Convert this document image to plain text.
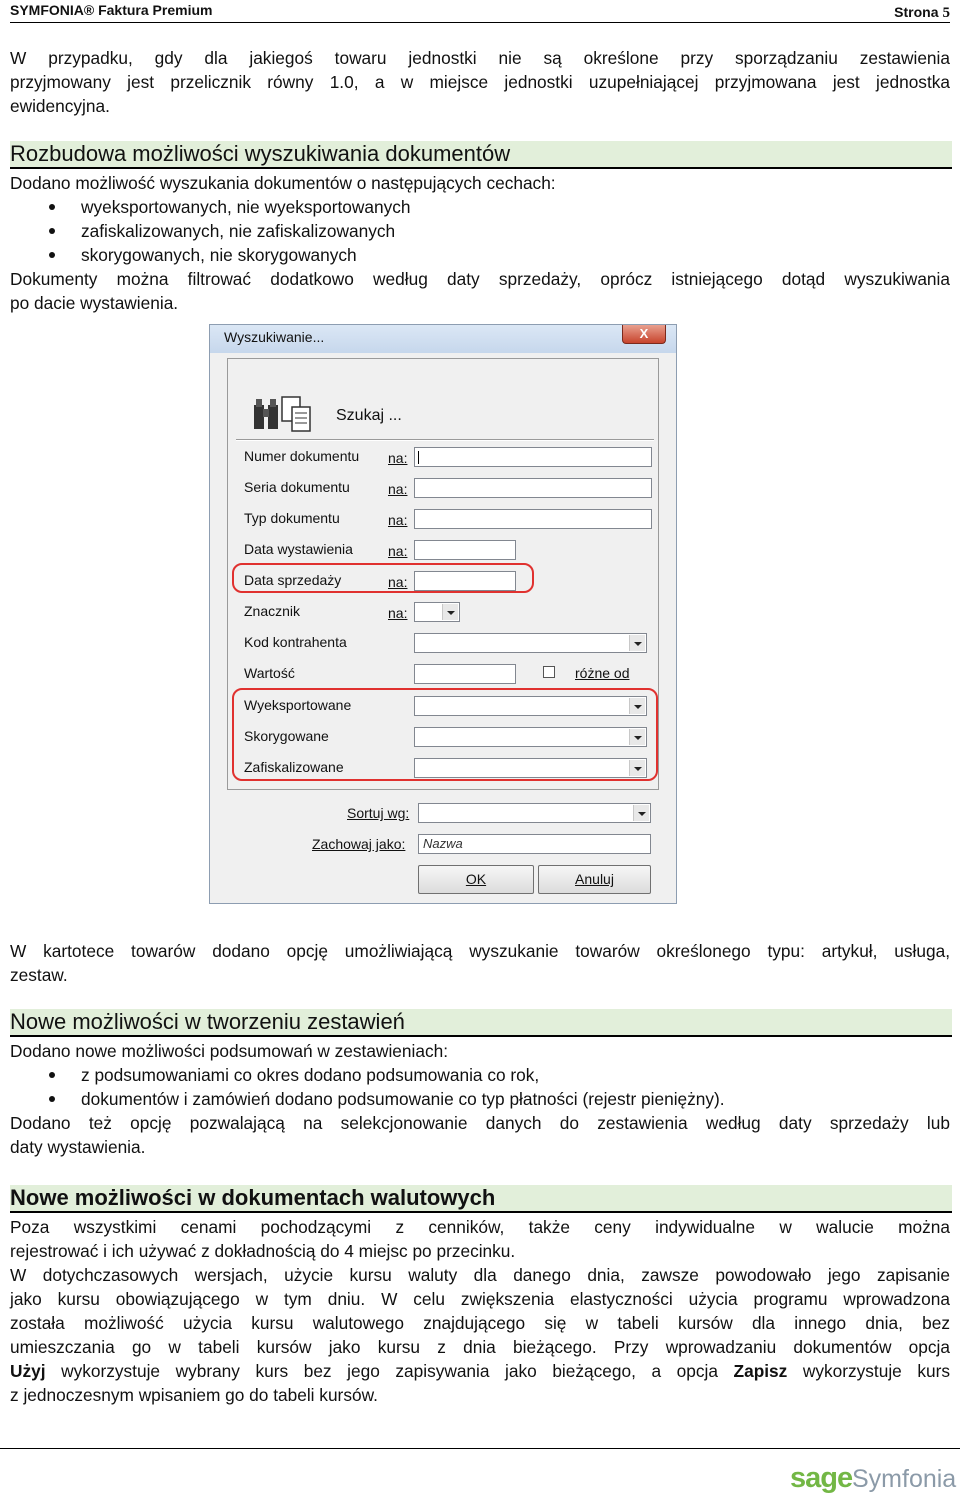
SYMFONIA® Faktura Premium	Strona 5
W przypadku, gdy dla jakiegoś towaru jednostki nie są określone przy sporządzaniu zestawienia
przyjmowany jest przelicznik równy 1.0, a w miejsce jednostki uzupełniającej przyjmowana jest jednostka
ewidencyjna.
Rozbudowa możliwości wyszukiwania dokumentów
Dodano możliwość wyszukania dokumentów o następujących cechach:
wyeksportowanych, nie wyeksportowanych
zafiskalizowanych, nie zafiskalizowanych
skorygowanych, nie skorygowanych
Dokumenty można filtrować dodatkowo według daty sprzedaży, oprócz istniejącego dotąd wyszukiwania
po dacie wystawienia.
Wyszukiwanie...	X
Szukaj ...
Numer dokumentu na:
Seria dokumentu	na:
Typ dokumentu	na:
Data wystawienia	na:
Data sprzedaży	na:
Znacznik	na:
Kod kontrahenta
Wartość	różne od
Wyeksportowane
Skorygowane
Zafiskalizowane
Sortuj wg:
Zachowaj jako: Nazwa
OK	Anuluj
W kartotece towarów dodano opcję umożliwiającą wyszukanie towarów określonego typu: artykuł, usługa,
zestaw.
Nowe możliwości w tworzeniu zestawień
Dodano nowe możliwości podsumowań w zestawieniach:
z podsumowaniami co okres dodano podsumowania co rok,
dokumentów i zamówień dodano podsumowanie co typ płatności (rejestr pieniężny).
Dodano też opcję pozwalającą na selekcjonowanie danych do zestawienia według daty sprzedaży lub
daty wystawienia.
Nowe możliwości w dokumentach walutowych
Poza wszystkimi cenami pochodzącymi z cenników, także ceny indywidualne w walucie można
rejestrować i ich używać z dokładnością do 4 miejsc po przecinku.
W dotychczasowych wersjach, użycie kursu waluty dla danego dnia, zawsze powodowało jego zapisanie
jako kursu obowiązującego w tym dniu. W celu zwiększenia elastyczności użycia programu wprowadzona
została możliwość użycia kursu walutowego znajdującego się w tabeli kursów dla innego dnia, bez
umieszczania go w tabeli kursów jako kursu z dnia bieżącego. Przy wprowadzaniu dokumentów opcja
Użyj wykorzystuje wybrany kurs bez jego zapisywania jako bieżącego, a opcja Zapisz wykorzystuje kurs
z jednoczesnym wpisaniem go do tabeli kursów.
sage Symfonia
